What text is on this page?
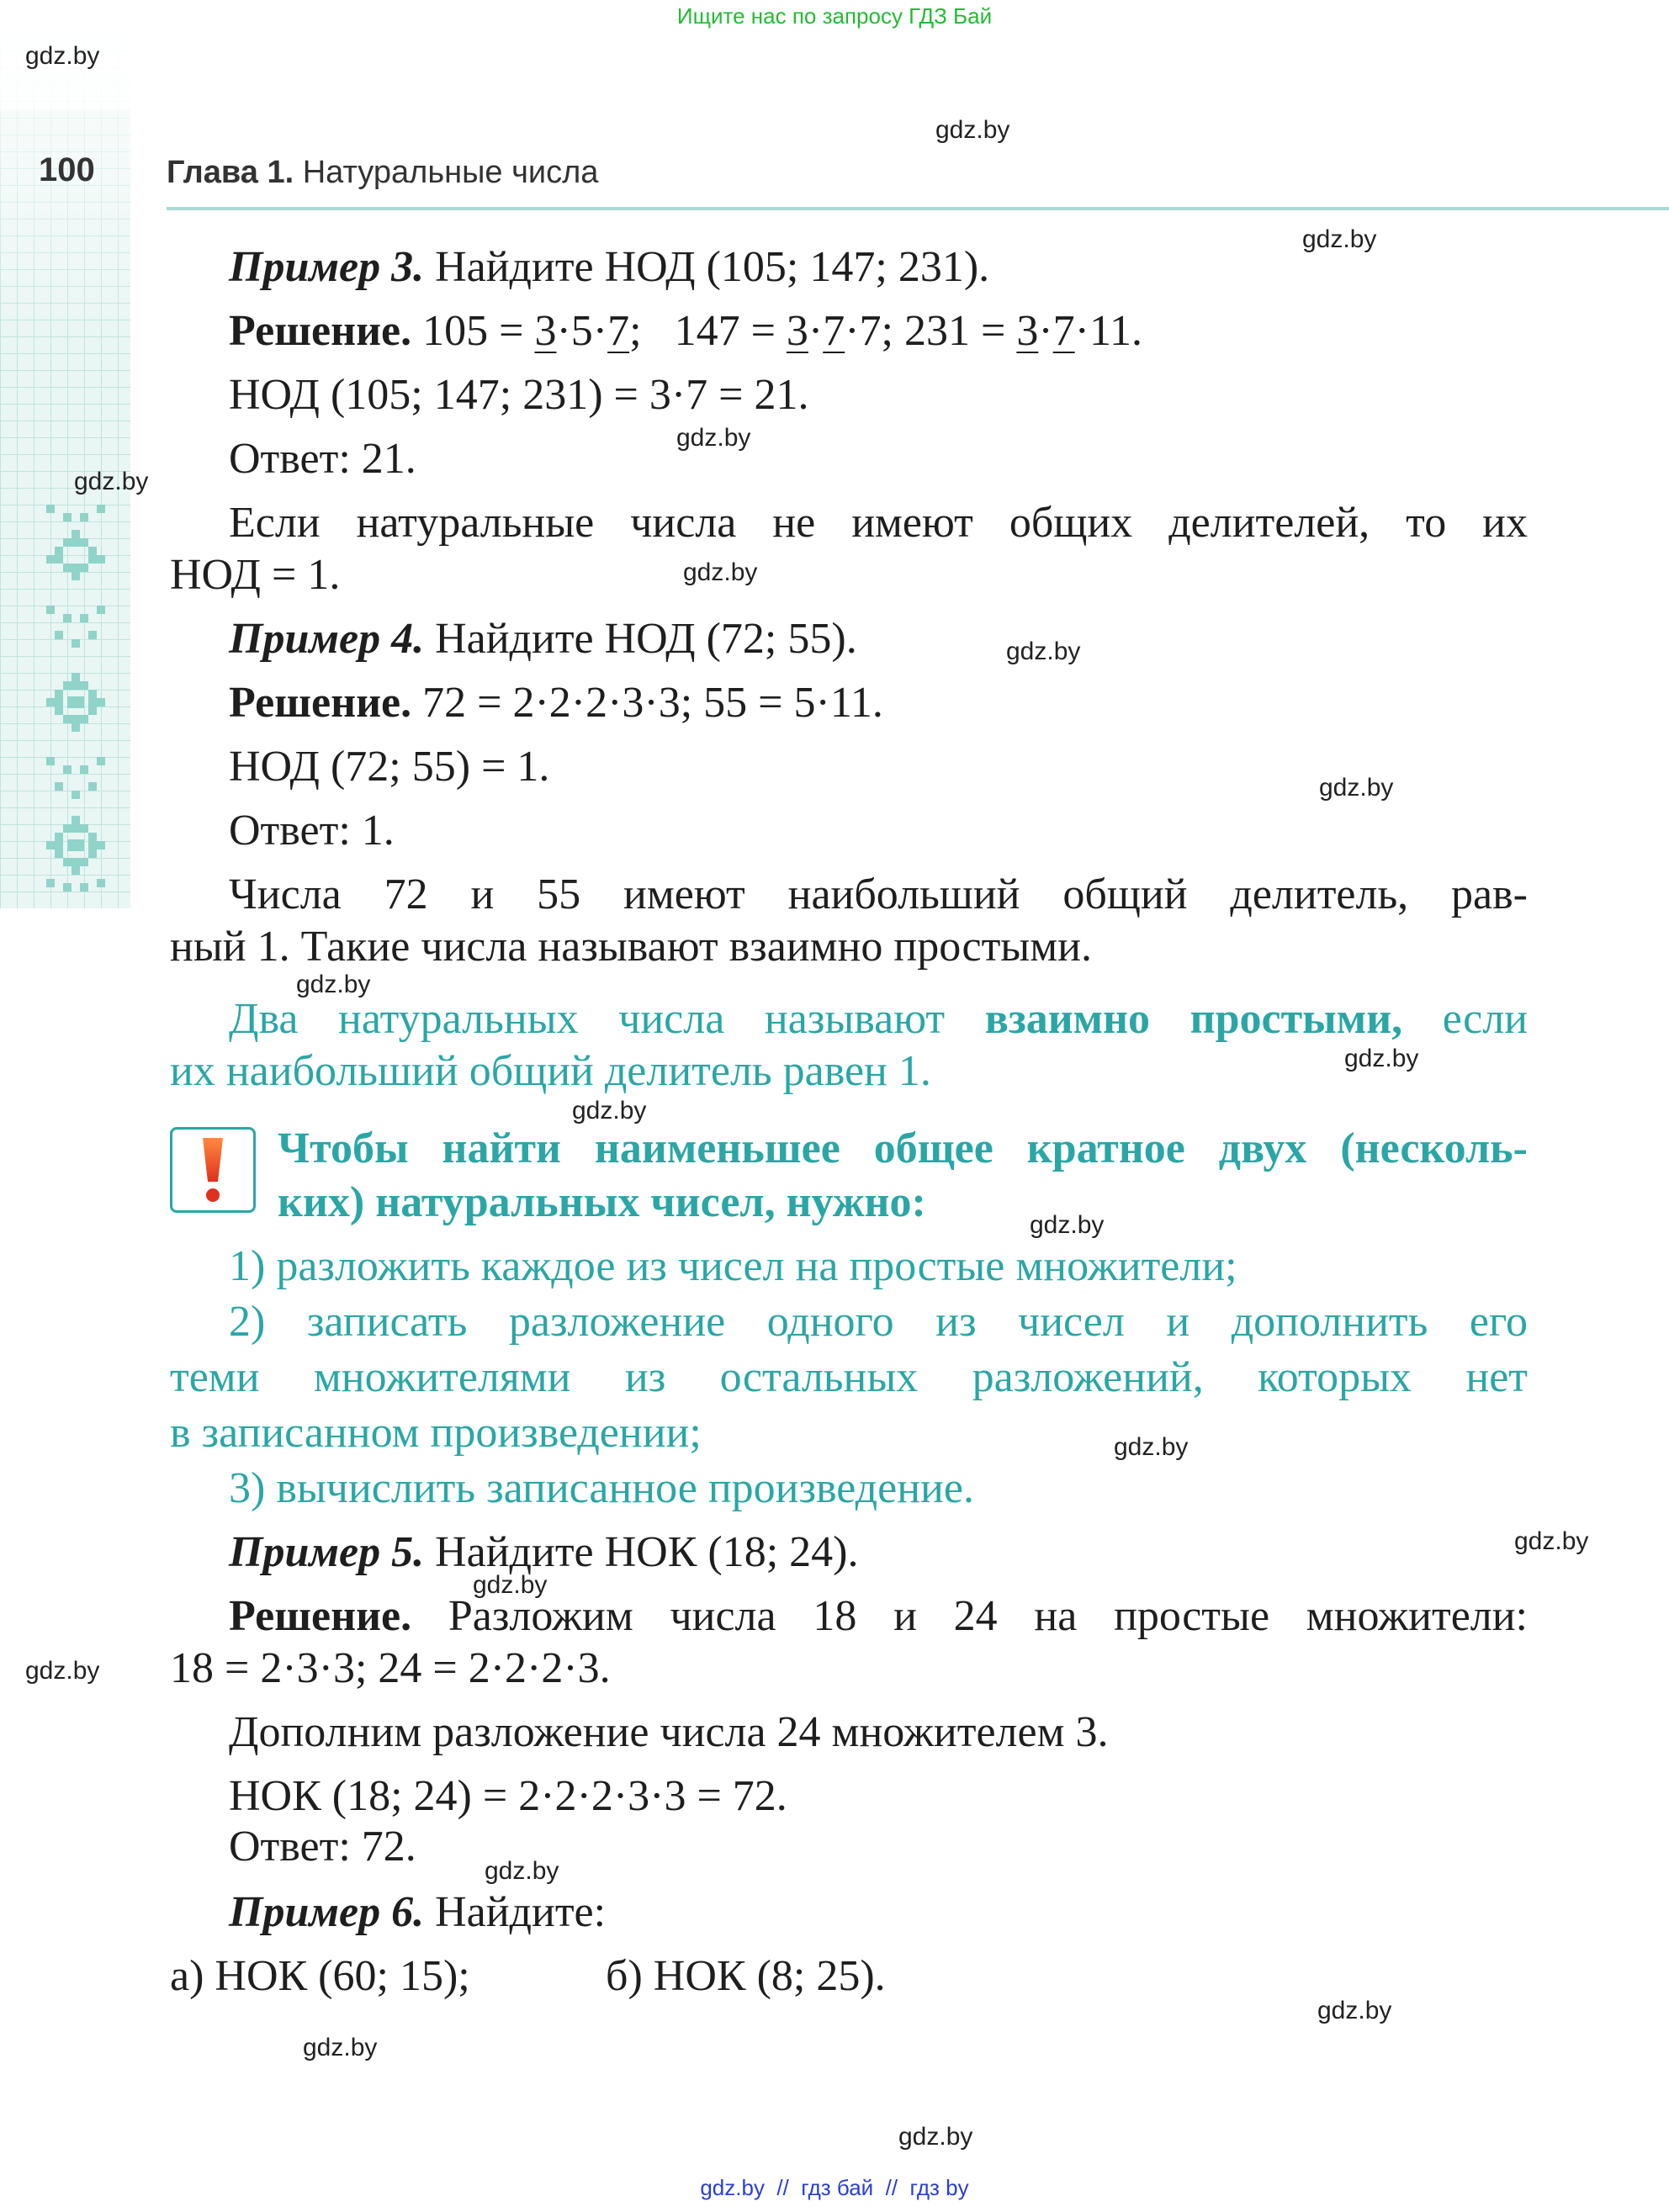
Ищите нас по запросу ГДЗ Бай
100 Глава 1. Натуральные числа
gdz.by
gdz.by
gdz.by
gdz.by
gdz.by
gdz.by
gdz.by
gdz.by
gdz.by
gdz.by
gdz.by
gdz.by
gdz.by
gdz.by
gdz.by
gdz.by
gdz.by
gdz.by
gdz.by
gdz.by
Пример 3. Найдите НОД (105; 147; 231).
Решение. 105 = 3·5·7; 147 = 3·7·7; 231 = 3·7·11.
НОД (105; 147; 231) = 3·7 = 21.
Ответ: 21.
Если натуральные числа не имеют общих делителей, то их
НОД = 1.
Пример 4. Найдите НОД (72; 55).
Решение. 72 = 2·2·2·3·3; 55 = 5·11.
НОД (72; 55) = 1.
Ответ: 1.
Числа 72 и 55 имеют наибольший общий делитель, рав-
ный 1. Такие числа называют взаимно простыми.
Два натуральных числа называют взаимно простыми, если
их наибольший общий делитель равен 1.
Чтобы найти наименьшее общее кратное двух (несколь-
ких) натуральных чисел, нужно:
1) разложить каждое из чисел на простые множители;
2) записать разложение одного из чисел и дополнить его
теми множителями из остальных разложений, которых нет
в записанном произведении;
3) вычислить записанное произведение.
Пример 5. Найдите НОК (18; 24).
Решение. Разложим числа 18 и 24 на простые множители:
18 = 2·3·3; 24 = 2·2·2·3.
Дополним разложение числа 24 множителем 3.
НОК (18; 24) = 2·2·2·3·3 = 72.
Ответ: 72.
Пример 6. Найдите:
а) НОК (60; 15);	б) НОК (8; 25).
gdz.by  //  гдз бай  //  гдз by
